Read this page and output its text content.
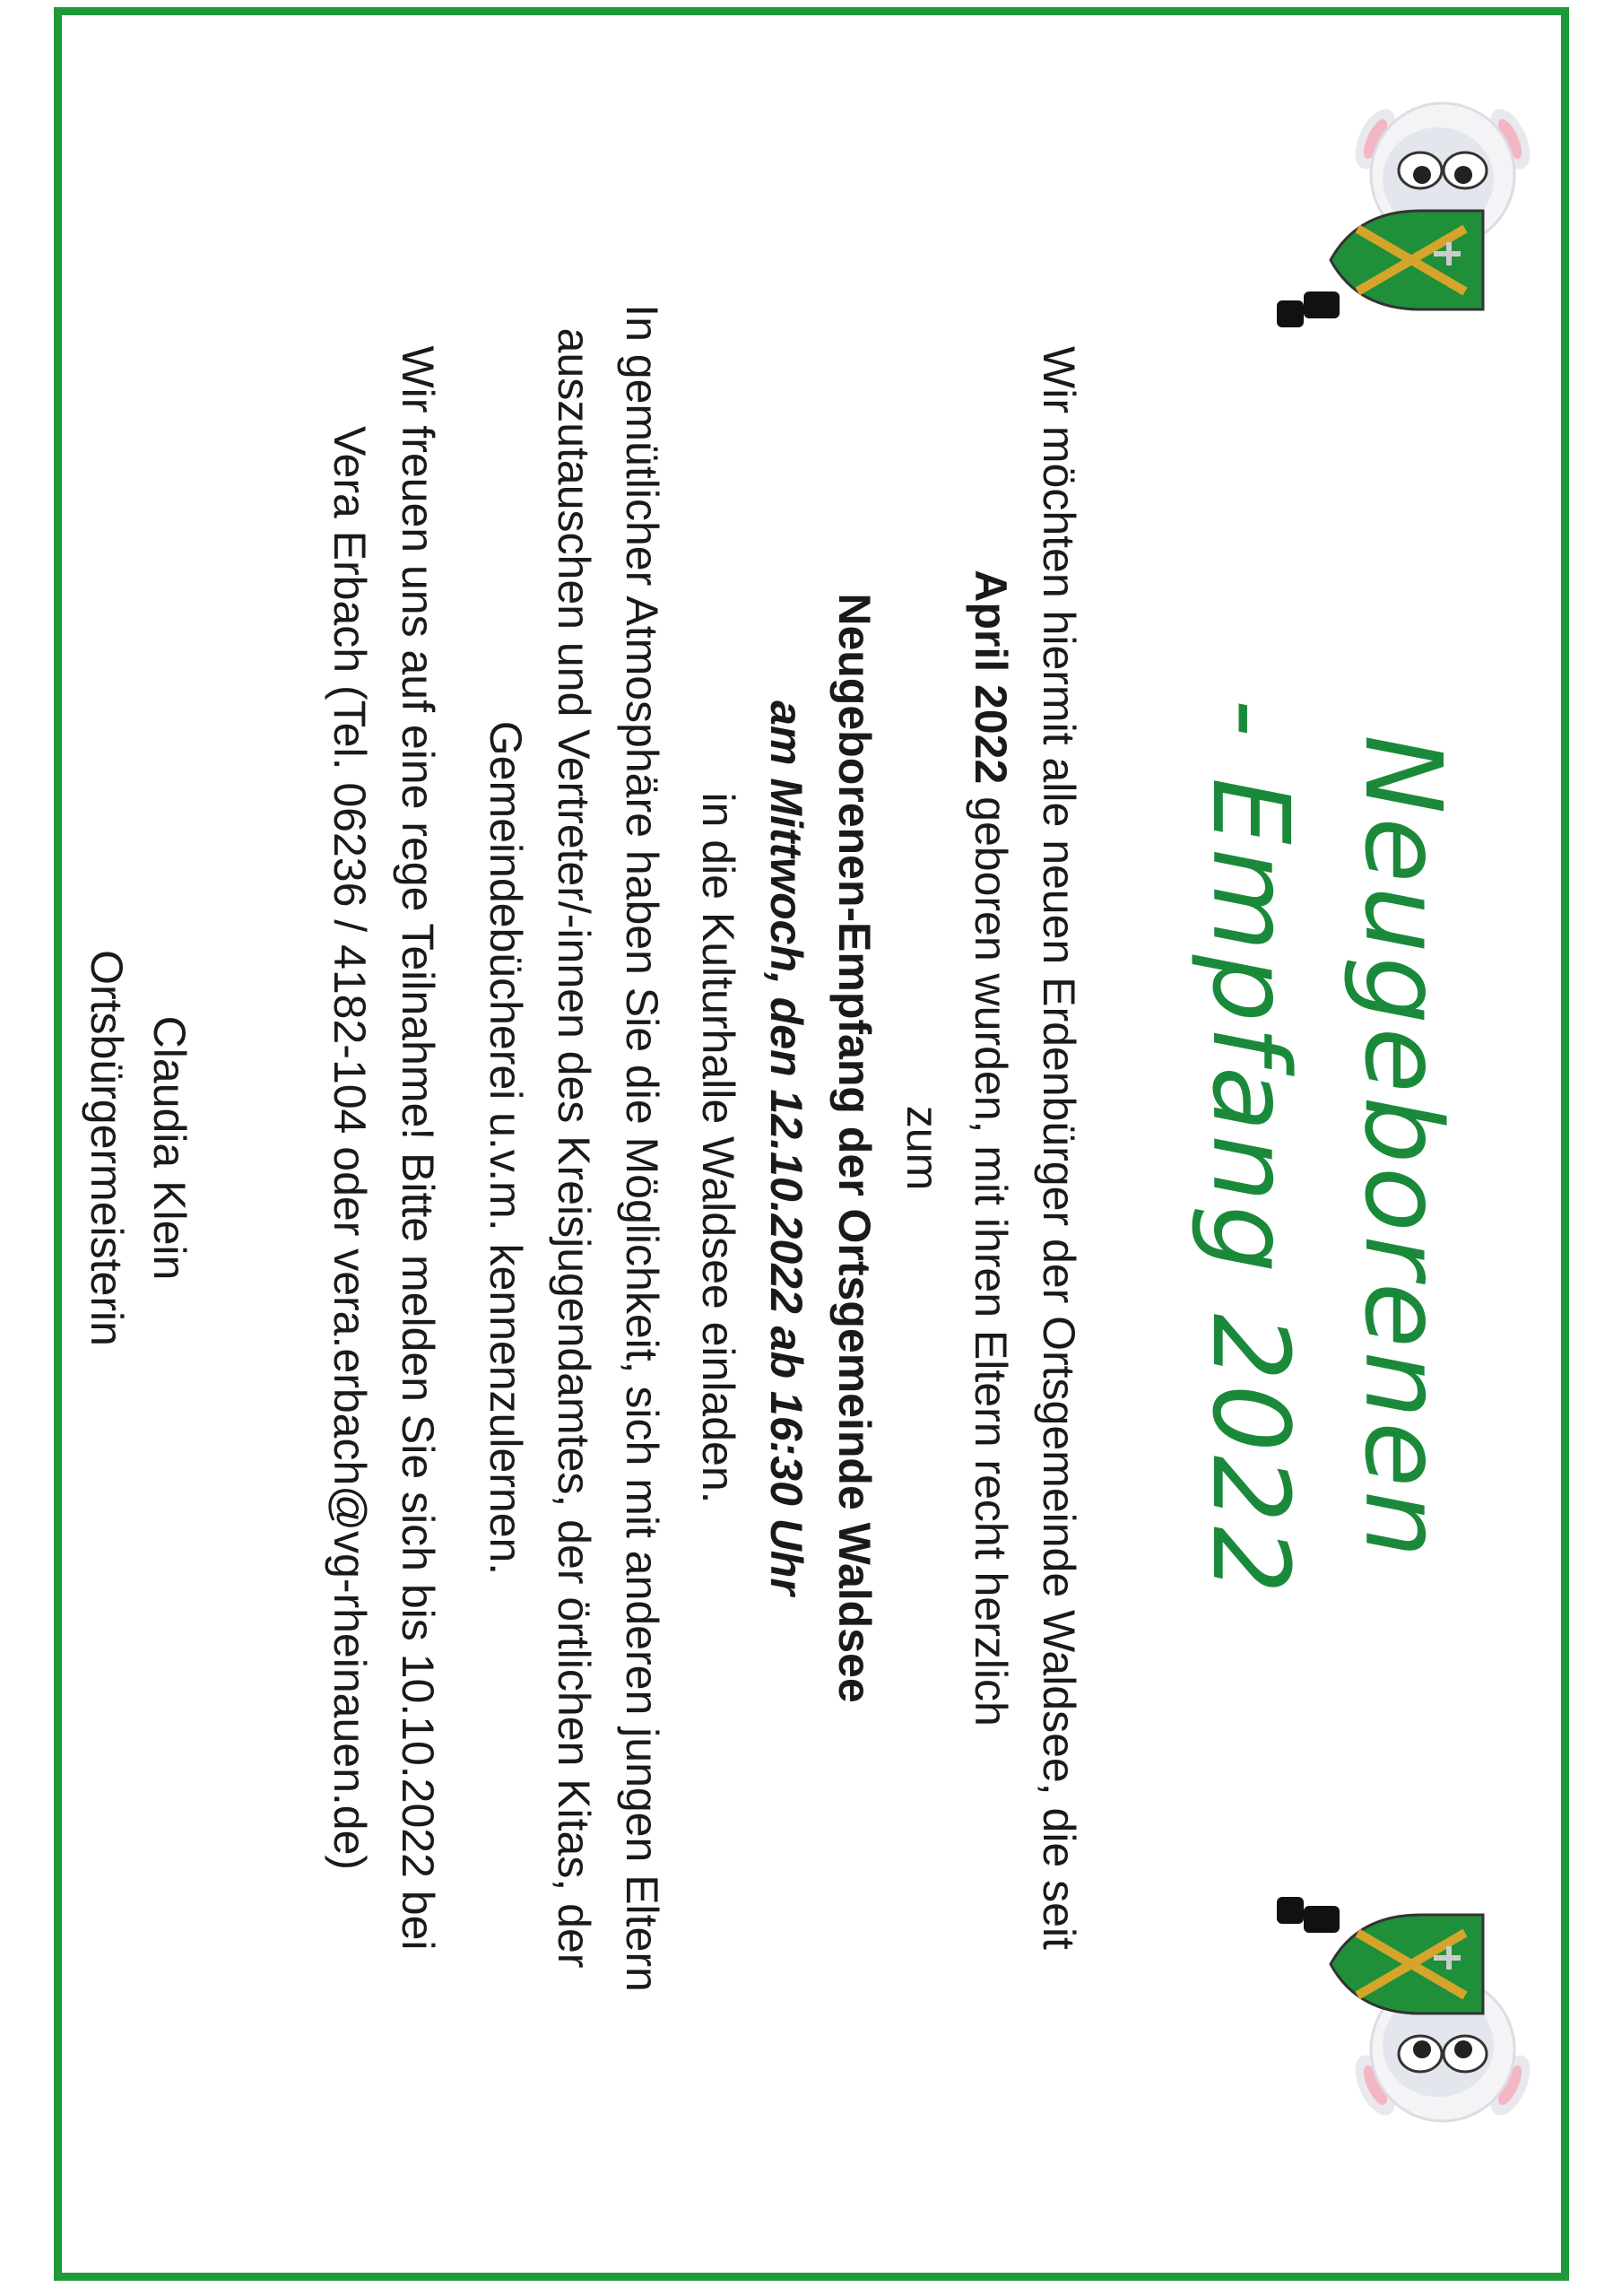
Neugeborenen
- Empfang 2022
Wir möchten hiermit alle neuen Erdenbürger der Ortsgemeinde Waldsee, die seit
April 2022 geboren wurden, mit ihren Eltern recht herzlich
zum
Neugeborenen-Empfang der Ortsgemeinde Waldsee
am Mittwoch, den 12.10.2022 ab 16:30 Uhr
in die Kulturhalle Waldsee einladen.
In gemütlicher Atmosphäre haben Sie die Möglichkeit, sich mit anderen jungen Eltern
auszutauschen und Vertreter/-innen des Kreisjugendamtes, der örtlichen Kitas, der
Gemeindebücherei u.v.m. kennenzulernen.
Wir freuen uns auf eine rege Teilnahme! Bitte melden Sie sich bis 10.10.2022 bei
Vera Erbach (Tel. 06236 / 4182-104 oder vera.erbach@vg-rheinauen.de)
Claudia Klein
Ortsbürgermeisterin
